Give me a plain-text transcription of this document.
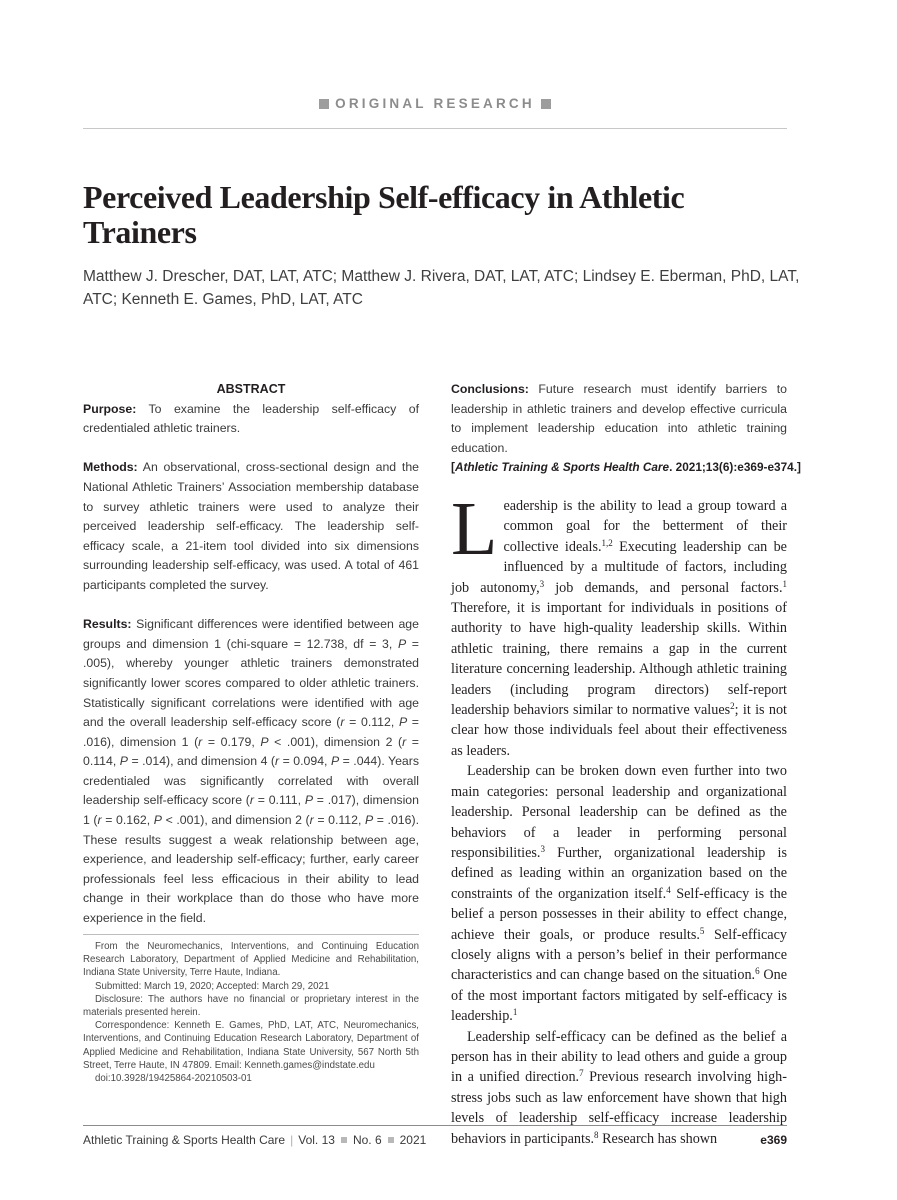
ORIGINAL RESEARCH
Perceived Leadership Self-efficacy in Athletic Trainers
Matthew J. Drescher, DAT, LAT, ATC; Matthew J. Rivera, DAT, LAT, ATC; Lindsey E. Eberman, PhD, LAT, ATC; Kenneth E. Games, PhD, LAT, ATC

ABSTRACT

Purpose: To examine the leadership self-efficacy of credentialed athletic trainers.

Methods: An observational, cross-sectional design and the National Athletic Trainers’ Association membership database to survey athletic trainers were used to analyze their perceived leadership self-efficacy. The leadership self-efficacy scale, a 21-item tool divided into six dimensions surrounding leadership self-efficacy, was used. A total of 461 participants completed the survey.

Results: Significant differences were identified between age groups and dimension 1 (chi-square = 12.738, df = 3, P = .005), whereby younger athletic trainers demonstrated significantly lower scores compared to older athletic trainers. Statistically significant correlations were identified with age and the overall leadership self-efficacy score (r = 0.112, P = .016), dimension 1 (r = 0.179, P < .001), dimension 2 (r = 0.114, P = .014), and dimension 4 (r = 0.094, P = .044). Years credentialed was significantly correlated with overall leadership self-efficacy score (r = 0.111, P = .017), dimension 1 (r = 0.162, P < .001), and dimension 2 (r = 0.112, P = .016). These results suggest a weak relationship between age, experience, and leadership self-efficacy; further, early career professionals feel less efficacious in their ability to lead change in their workplace than do those who have more experience in the field.

From the Neuromechanics, Interventions, and Continuing Education Research Laboratory, Department of Applied Medicine and Rehabilitation, Indiana State University, Terre Haute, Indiana.

Submitted: March 19, 2020; Accepted: March 29, 2021

Disclosure: The authors have no financial or proprietary interest in the materials presented herein.

Correspondence: Kenneth E. Games, PhD, LAT, ATC, Neuromechanics, Interventions, and Continuing Education Research Laboratory, Department of Applied Medicine and Rehabilitation, Indiana State University, 567 North 5th Street, Terre Haute, IN 47809. Email: Kenneth.games@indstate.edu

doi:10.3928/19425864-20210503-01

Conclusions: Future research must identify barriers to leadership in athletic trainers and develop effective curricula to implement leadership education into athletic training education.
[Athletic Training & Sports Health Care. 2021;13(6):e369-e374.]

Leadership is the ability to lead a group toward a common goal for the betterment of their collective ideals.$^{1,2}$ Executing leadership can be influenced by a multitude of factors, including job autonomy,$^3$ job demands, and personal factors.$^1$ Therefore, it is important for individuals in positions of authority to have high-quality leadership skills. Within athletic training, there remains a gap in the current literature concerning leadership. Although athletic training leaders (including program directors) self-report leadership behaviors similar to normative values$^2$; it is not clear how those individuals feel about their effectiveness as leaders.

Leadership can be broken down even further into two main categories: personal leadership and organizational leadership. Personal leadership can be defined as the behaviors of a leader in performing personal responsibilities.$^3$ Further, organizational leadership is defined as leading within an organization based on the constraints of the organization itself.$^4$ Self-efficacy is the belief a person possesses in their ability to effect change, achieve their goals, or produce results.$^5$ Self-efficacy closely aligns with a person’s belief in their performance characteristics and can change based on the situation.$^6$ One of the most important factors mitigated by self-efficacy is leadership.$^1$

Leadership self-efficacy can be defined as the belief a person has in their ability to lead others and guide a group in a unified direction.$^7$ Previous research involving high-stress jobs such as law enforcement have shown that high levels of leadership self-efficacy increase leadership behaviors in participants.$^8$ Research has shown

Athletic Training & Sports Health Care | Vol. 13 No. 6 2021	e369
